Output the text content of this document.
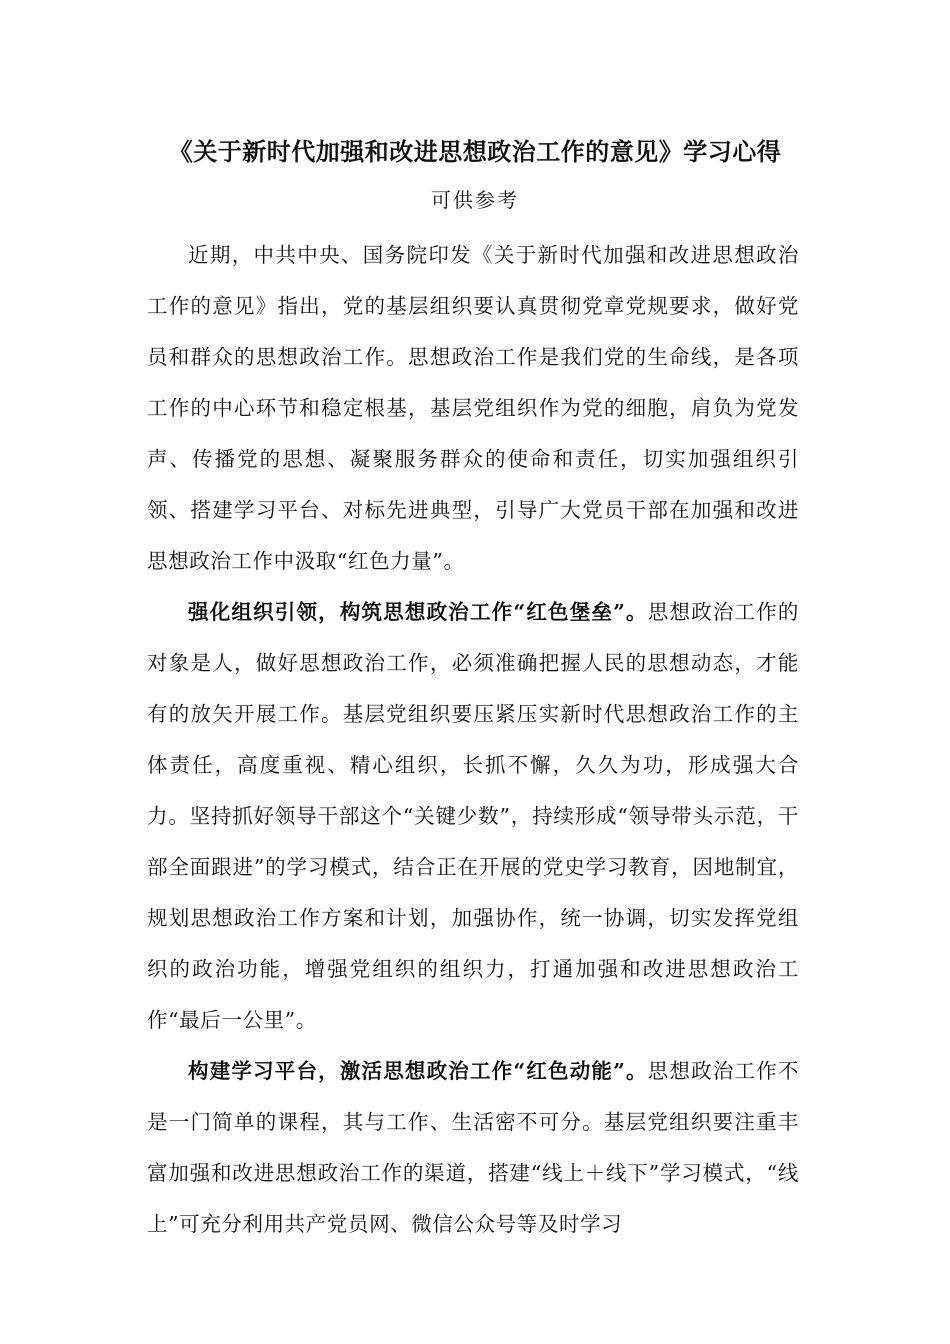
《关于新时代加强和改进思想政治工作的意见》学习心得

可供参考

近期，中共中央、国务院印发《关于新时代加强和改进思想政治工作的意见》指出，党的基层组织要认真贯彻党章党规要求，做好党员和群众的思想政治工作。思想政治工作是我们党的生命线，是各项工作的中心环节和稳定根基，基层党组织作为党的细胞，肩负为党发声、传播党的思想、凝聚服务群众的使命和责任，切实加强组织引领、搭建学习平台、对标先进典型，引导广大党员干部在加强和改进思想政治工作中汲取“红色力量”。

强化组织引领，构筑思想政治工作“红色堡垒”。思想政治工作的对象是人，做好思想政治工作，必须准确把握人民的思想动态，才能有的放矢开展工作。基层党组织要压紧压实新时代思想政治工作的主体责任，高度重视、精心组织，长抓不懈，久久为功，形成强大合力。坚持抓好领导干部这个“关键少数”，持续形成“领导带头示范，干部全面跟进”的学习模式，结合正在开展的党史学习教育，因地制宜，规划思想政治工作方案和计划，加强协作，统一协调，切实发挥党组织的政治功能，增强党组织的组织力，打通加强和改进思想政治工作“最后一公里”。

构建学习平台，激活思想政治工作“红色动能”。思想政治工作不是一门简单的课程，其与工作、生活密不可分。基层党组织要注重丰富加强和改进思想政治工作的渠道，搭建“线上＋线下”学习模式，“线上”可充分利用共产党员网、微信公众号等及时学习
